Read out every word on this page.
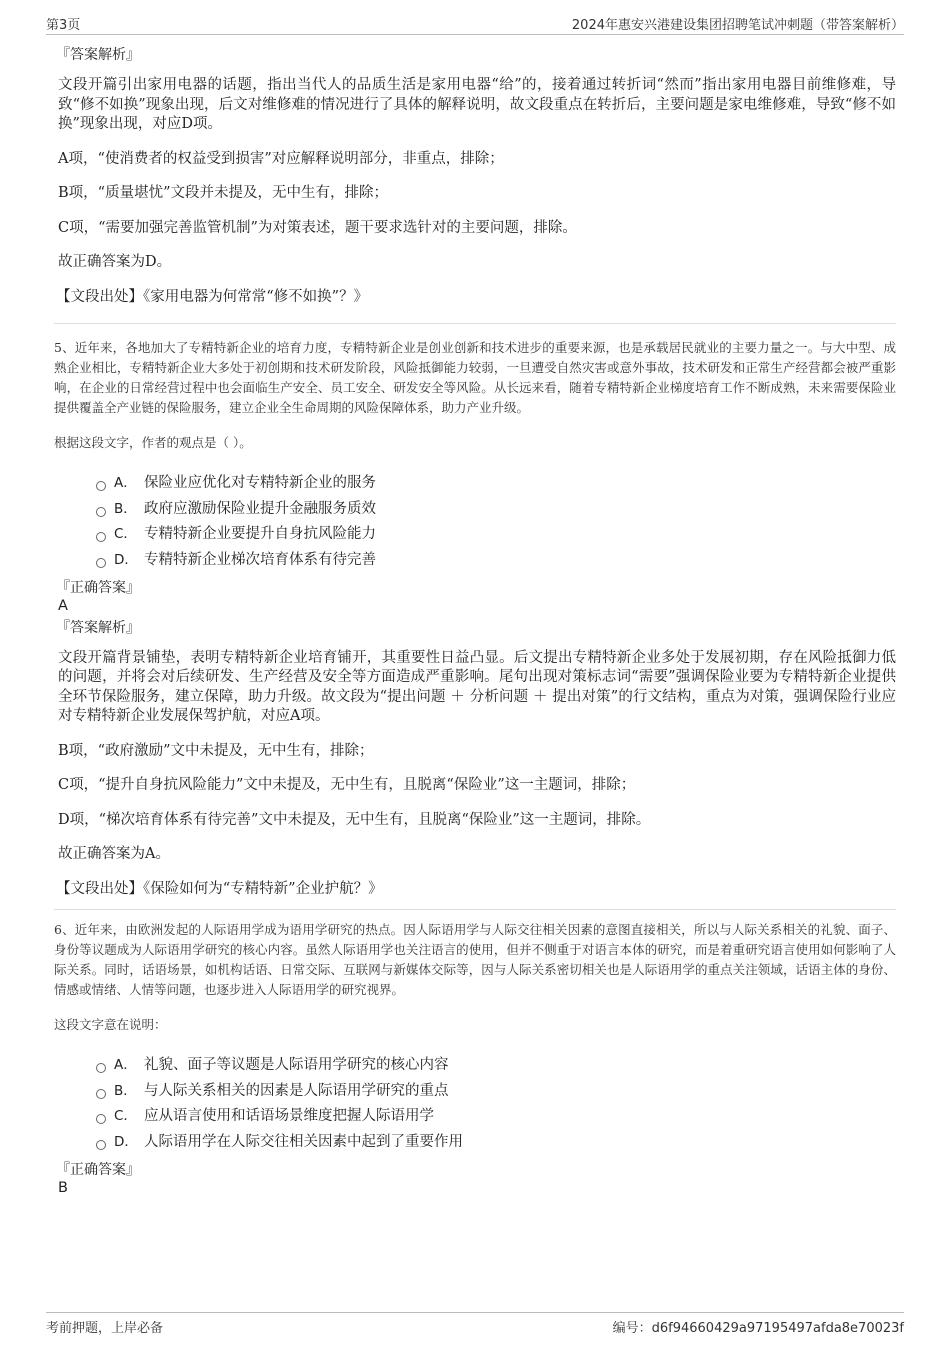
第3页	2024年惠安兴港建设集团招聘笔试冲刺题（带答案解析）
『答案解析』
文段开篇引出家用电器的话题，指出当代人的品质生活是家用电器“给”的，接着通过转折词“然而”指出家用电器目前维修难，导致“修不如换”现象出现，后文对维修难的情况进行了具体的解释说明，故文段重点在转折后，主要问题是家电维修难，导致“修不如换”现象出现，对应D项。
A项，“使消费者的权益受到损害”对应解释说明部分，非重点，排除；
B项，“质量堪忧”文段并未提及，无中生有，排除；
C项，“需要加强完善监管机制”为对策表述，题干要求选针对的主要问题，排除。
故正确答案为D。
【文段出处】《家用电器为何常常“修不如换”？》
5、近年来，各地加大了专精特新企业的培育力度，专精特新企业是创业创新和技术进步的重要来源，也是承载居民就业的主要力量之一。与大中型、成熟企业相比，专精特新企业大多处于初创期和技术研发阶段，风险抵御能力较弱，一旦遭受自然灾害或意外事故，技术研发和正常生产经营都会被严重影响，在企业的日常经营过程中也会面临生产安全、员工安全、研发安全等风险。从长远来看，随着专精特新企业梯度培育工作不断成熟，未来需要保险业提供覆盖全产业链的保险服务，建立企业全生命周期的风险保障体系，助力产业升级。
根据这段文字，作者的观点是（ ）。
A． 保险业应优化对专精特新企业的服务
B． 政府应激励保险业提升金融服务质效
C． 专精特新企业要提升自身抗风险能力
D． 专精特新企业梯次培育体系有待完善
『正确答案』
A
『答案解析』
文段开篇背景铺垫，表明专精特新企业培育铺开，其重要性日益凸显。后文提出专精特新企业多处于发展初期，存在风险抵御力低的问题，并将会对后续研发、生产经营及安全等方面造成严重影响。尾句出现对策标志词“需要”强调保险业要为专精特新企业提供全环节保险服务，建立保障，助力升级。故文段为“提出问题 ＋ 分析问题 ＋ 提出对策”的行文结构，重点为对策，强调保险行业应对专精特新企业发展保驾护航，对应A项。
B项，“政府激励”文中未提及，无中生有，排除；
C项，“提升自身抗风险能力”文中未提及，无中生有，且脱离“保险业”这一主题词，排除；
D项，“梯次培育体系有待完善”文中未提及，无中生有，且脱离“保险业”这一主题词，排除。
故正确答案为A。
【文段出处】《保险如何为“专精特新”企业护航？》
6、近年来，由欧洲发起的人际语用学成为语用学研究的热点。因人际语用学与人际交往相关因素的意图直接相关，所以与人际关系相关的礼貌、面子、身份等议题成为人际语用学研究的核心内容。虽然人际语用学也关注语言的使用，但并不侧重于对语言本体的研究，而是着重研究语言使用如何影响了人际关系。同时，话语场景，如机构话语、日常交际、互联网与新媒体交际等，因与人际关系密切相关也是人际语用学的重点关注领域，话语主体的身份、情感或情绪、人情等问题，也逐步进入人际语用学的研究视界。
这段文字意在说明：
A． 礼貌、面子等议题是人际语用学研究的核心内容
B． 与人际关系相关的因素是人际语用学研究的重点
C． 应从语言使用和话语场景维度把握人际语用学
D． 人际语用学在人际交往相关因素中起到了重要作用
『正确答案』
B
考前押题，上岸必备	编号：d6f94660429a97195497afda8e70023f
